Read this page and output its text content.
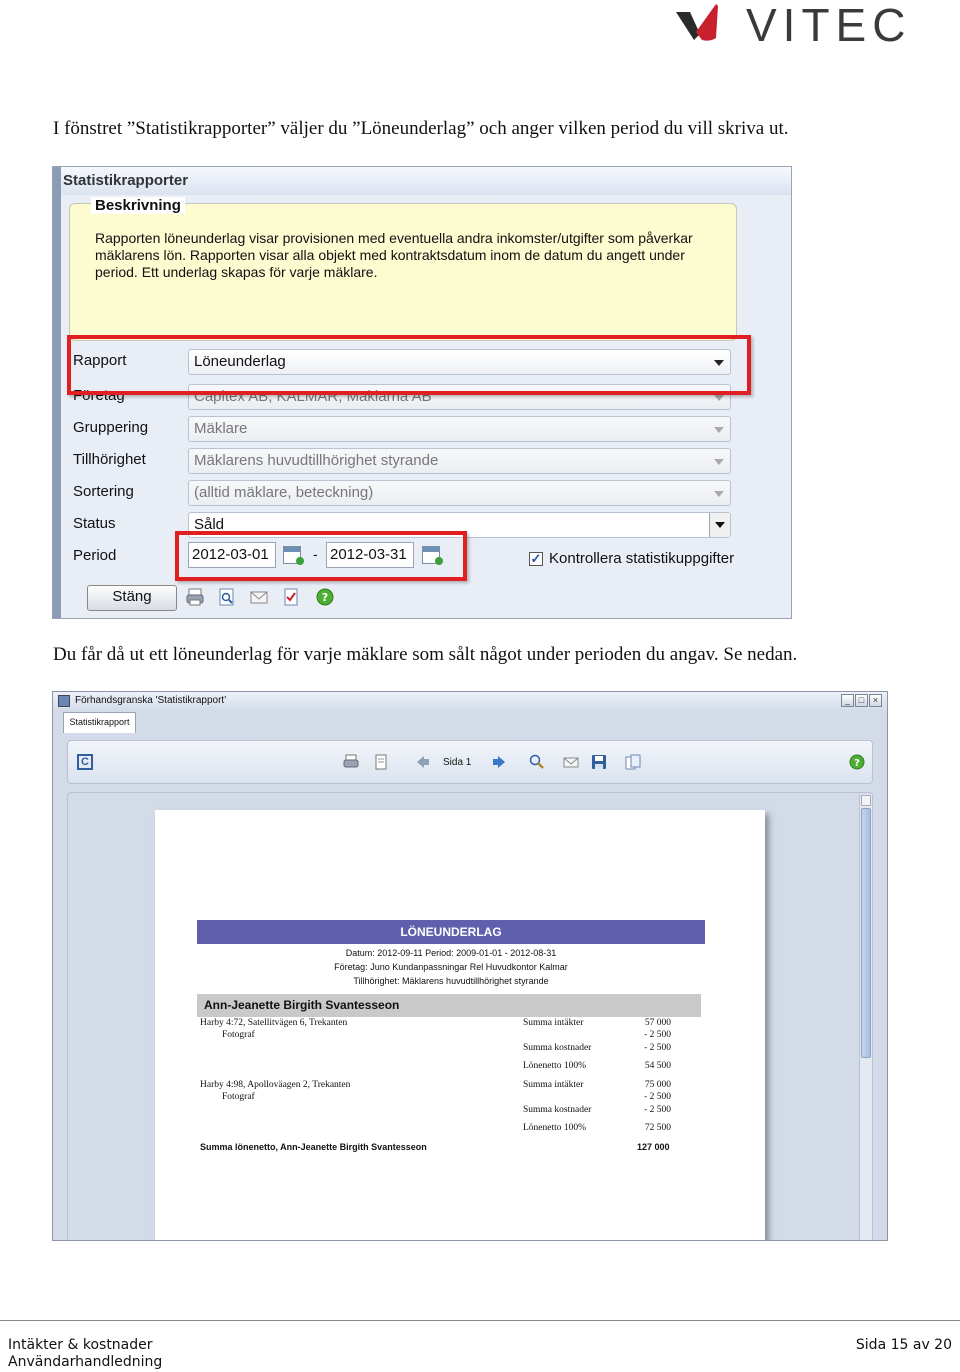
VITEC
I fönstret ”Statistikrapporter” väljer du ”Löneunderlag” och anger vilken period du vill skriva ut.
Statistikrapporter
Beskrivning
Rapporten löneunderlag visar provisionen med eventuella andra inkomster/utgifter som påverkar mäklarens lön. Rapporten visar alla objekt med kontraktsdatum inom de datum du angett under period. Ett underlag skapas för varje mäklare.
Rapport	Löneunderlag
Företag	Capitex AB, KALMAR, Mäklarna AB
Gruppering	Mäklare
Tillhörighet	Mäklarens huvudtillhörighet styrande
Sortering	(alltid mäklare, beteckning)
Status	Såld
Period	2012-03-01	- 2012-03-31	✓ Kontrollera statistikuppgifter
Stäng	?
Du får då ut ett löneunderlag för varje mäklare som sålt något under perioden du angav. Se nedan.
Förhandsgranska 'Statistikrapport'	_ □ ×
Statistikrapport
C	Sida 1	?
LÖNEUNDERLAG
Datum: 2012-09-11 Period: 2009-01-01 - 2012-08-31
Företag: Juno Kundanpassningar Rel Huvudkontor Kalmar
Tillhörighet: Mäklarens huvudtillhörighet styrande
Ann-Jeanette Birgith Svantesseon
Harby 4:72, Satellitvägen 6, Trekanten
Fotograf
Summa intäkter	57 000
- 2 500
Summa kostnader	- 2 500
Lönenetto 100%	54 500
Harby 4:98, Apolloväagen 2, Trekanten
Fotograf
Summa intäkter	75 000
- 2 500
Summa kostnader	- 2 500
Lönenetto 100%	72 500
Summa lönenetto, Ann-Jeanette Birgith Svantesseon	127 000
Intäkter & kostnader
Användarhandledning
Sida 15 av 20
